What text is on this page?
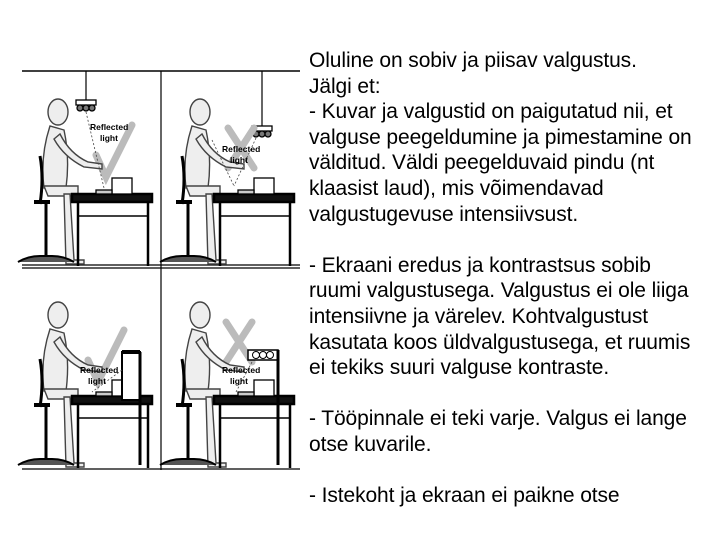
Reflected
light
Reflected
light
Reflected
light
Reflected
light

Oluline on sobiv ja piisav valgustus.
Jälgi et:

- Kuvar ja valgustid on paigutatud nii, et valguse peegeldumine ja pimestamine on välditud. Väldi peegelduvaid pindu (nt klaasist laud), mis võimendavad valgustugevuse intensiivsust.

- Ekraani eredus ja kontrastsus sobib ruumi valgustusega. Valgustus ei ole liiga intensiivne ja värelev. Kohtvalgustust kasutata koos üldvalgustusega, et ruumis ei tekiks suuri valguse kontraste.

- Tööpinnale ei teki varje. Valgus ei lange otse kuvarile.

- Istekoht ja ekraan ei paikne otse
